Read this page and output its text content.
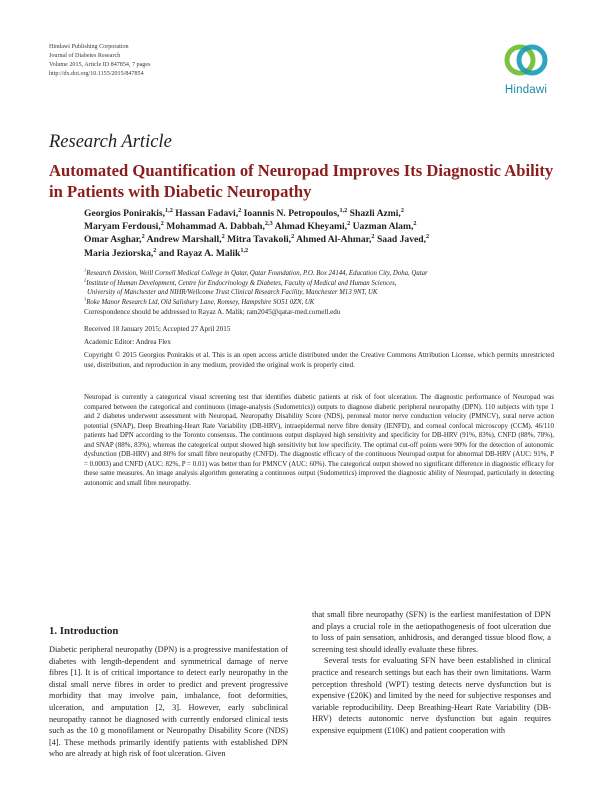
Hindawi Publishing Corporation
Journal of Diabetes Research
Volume 2015, Article ID 847854, 7 pages
http://dx.doi.org/10.1155/2015/847854
Hindawi
Research Article
Automated Quantification of Neuropad Improves Its Diagnostic Ability in Patients with Diabetic Neuropathy
Georgios Ponirakis,$^{1,2}$ Hassan Fadavi,$^2$ Ioannis N. Petropoulos,$^{1,2}$ Shazli Azmi,$^2$
Maryam Ferdousi,$^2$ Mohammad A. Dabbah,$^{2,3}$ Ahmad Kheyami,$^2$ Uazman Alam,$^2$
Omar Asghar,$^2$ Andrew Marshall,$^2$ Mitra Tavakoli,$^2$ Ahmed Al-Ahmar,$^2$ Saad Javed,$^2$
Maria Jeziorska,$^2$ and Rayaz A. Malik$^{1,2}$
$^1$Research Division, Weill Cornell Medical College in Qatar, Qatar Foundation, P.O. Box 24144, Education City, Doha, Qatar
$^2$Institute of Human Development, Centre for Endocrinology & Diabetes, Faculty of Medical and Human Sciences,
University of Manchester and NIHR/Wellcome Trust Clinical Research Facility, Manchester M13 9NT, UK
$^3$Roke Manor Research Ltd, Old Salisbury Lane, Romsey, Hampshire SO51 0ZN, UK
Correspondence should be addressed to Rayaz A. Malik; ram2045@qatar-med.cornell.edu
Received 18 January 2015; Accepted 27 April 2015
Academic Editor: Andrea Flex
Copyright © 2015 Georgios Ponirakis et al. This is an open access article distributed under the Creative Commons Attribution License, which permits unrestricted use, distribution, and reproduction in any medium, provided the original work is properly cited.
Neuropad is currently a categorical visual screening test that identifies diabetic patients at risk of foot ulceration. The diagnostic performance of Neuropad was compared between the categorical and continuous (image-analysis (Sudometrics)) outputs to diagnose diabetic peripheral neuropathy (DPN). 110 subjects with type 1 and 2 diabetes underwent assessment with Neuropad, Neuropathy Disability Score (NDS), peroneal motor nerve conduction velocity (PMNCV), sural nerve action potential (SNAP), Deep Breathing-Heart Rate Variability (DB-HRV), intraepidermal nerve fibre density (IENFD), and corneal confocal microscopy (CCM). 46/110 patients had DPN according to the Toronto consensus. The continuous output displayed high sensitivity and specificity for DB-HRV (91%, 83%), CNFD (88%, 78%), and SNAP (88%, 83%), whereas the categorical output showed high sensitivity but low specificity. The optimal cut-off points were 90% for the detection of autonomic dysfunction (DB-HRV) and 80% for small fibre neuropathy (CNFD). The diagnostic efficacy of the continuous Neuropad output for abnormal DB-HRV (AUC: 91%, P = 0.0003) and CNFD (AUC: 82%, P = 0.01) was better than for PMNCV (AUC: 60%). The categorical output showed no significant difference in diagnostic efficacy for these same measures. An image analysis algorithm generating a continuous output (Sudometrics) improved the diagnostic ability of Neuropad, particularly in detecting autonomic and small fibre neuropathy.
1. Introduction

Diabetic peripheral neuropathy (DPN) is a progressive manifestation of diabetes with length-dependent and symmetrical damage of nerve fibres [1]. It is of critical importance to detect early neuropathy in the distal small nerve fibres in order to predict and prevent progressive morbidity that may involve pain, imbalance, foot deformities, ulceration, and amputation [2, 3]. However, early subclinical neuropathy cannot be diagnosed with currently endorsed clinical tests such as the 10 g monofilament or Neuropathy Disability Score (NDS) [4]. These methods primarily identify patients with established DPN who are already at high risk of foot ulceration. Given

that small fibre neuropathy (SFN) is the earliest manifestation of DPN and plays a crucial role in the aetiopathogenesis of foot ulceration due to loss of pain sensation, anhidrosis, and deranged tissue blood flow, a screening test should ideally evaluate these fibres.

Several tests for evaluating SFN have been established in clinical practice and research settings but each has their own limitations. Warm perception threshold (WPT) testing detects nerve dysfunction but is expensive (£20K) and limited by the need for subjective responses and variable reproducibility. Deep Breathing-Heart Rate Variability (DB-HRV) detects autonomic nerve dysfunction but again requires expensive equipment (£10K) and patient cooperation with
